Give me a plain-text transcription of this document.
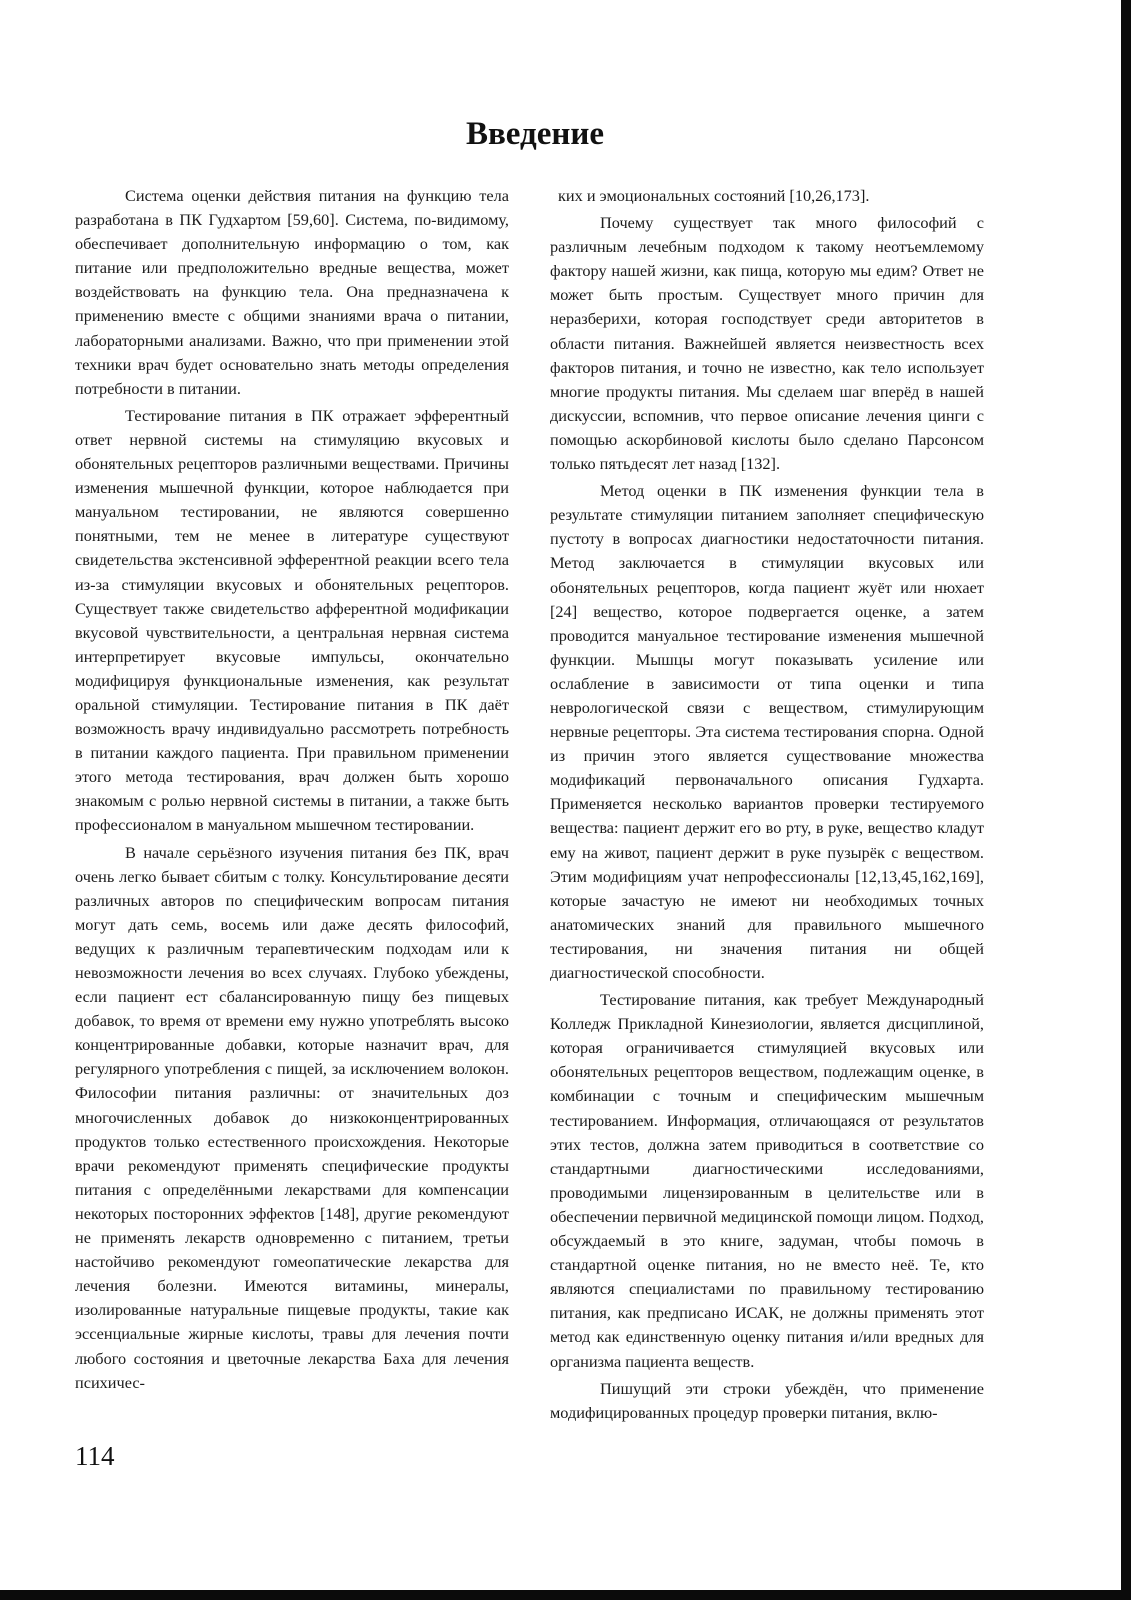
Введение

Система оценки действия питания на функцию тела разработана в ПК Гудхартом [59,60]. Система, по-видимому, обеспечивает дополнительную информацию о том, как питание или предположительно вредные вещества, может воздействовать на функцию тела. Она предназначена к применению вместе с общими знаниями врача о питании, лабораторными анализами. Важно, что при применении этой техники врач будет основательно знать методы определения потребности в питании.

Тестирование питания в ПК отражает эфферентный ответ нервной системы на стимуляцию вкусовых и обонятельных рецепторов различными веществами. Причины изменения мышечной функции, которое наблюдается при мануальном тестировании, не являются совершенно понятными, тем не менее в литературе существуют свидетельства экстенсивной эфферентной реакции всего тела из-за стимуляции вкусовых и обонятельных рецепторов. Существует также свидетельство афферентной модификации вкусовой чувствительности, а центральная нервная система интерпретирует вкусовые импульсы, окончательно модифицируя функциональные изменения, как результат оральной стимуляции. Тестирование питания в ПК даёт возможность врачу индивидуально рассмотреть потребность в питании каждого пациента. При правильном применении этого метода тестирования, врач должен быть хорошо знакомым с ролью нервной системы в питании, а также быть профессионалом в мануальном мышечном тестировании.

В начале серьёзного изучения питания без ПК, врач очень легко бывает сбитым с толку. Консультирование десяти различных авторов по специфическим вопросам питания могут дать семь, восемь или даже десять философий, ведущих к различным терапевтическим подходам или к невозможности лечения во всех случаях. Глубоко убеждены, если пациент ест сбалансированную пищу без пищевых добавок, то время от времени ему нужно употреблять высоко концентрированные добавки, которые назначит врач, для регулярного употребления с пищей, за исключением волокон. Философии питания различны: от значительных доз многочисленных добавок до низкоконцентрированных продуктов только естественного происхождения. Некоторые врачи рекомендуют применять специфические продукты питания с определёнными лекарствами для компенсации некоторых посторонних эффектов [148], другие рекомендуют не применять лекарств одновременно с питанием, третьи настойчиво рекомендуют гомеопатические лекарства для лечения болезни. Имеются витамины, минералы, изолированные натуральные пищевые продукты, такие как эссенциальные жирные кислоты, травы для лечения почти любого состояния и цветочные лекарства Баха для лечения психичес-

ких и эмоциональных состояний [10,26,173].

Почему существует так много философий с различным лечебным подходом к такому неотъемлемому фактору нашей жизни, как пища, которую мы едим? Ответ не может быть простым. Существует много причин для неразберихи, которая господствует среди авторитетов в области питания. Важнейшей является неизвестность всех факторов питания, и точно не известно, как тело использует многие продукты питания. Мы сделаем шаг вперёд в нашей дискуссии, вспомнив, что первое описание лечения цинги с помощью аскорбиновой кислоты было сделано Парсонсом только пятьдесят лет назад [132].

Метод оценки в ПК изменения функции тела в результате стимуляции питанием заполняет специфическую пустоту в вопросах диагностики недостаточности питания. Метод заключается в стимуляции вкусовых или обонятельных рецепторов, когда пациент жуёт или нюхает [24] вещество, которое подвергается оценке, а затем проводится мануальное тестирование изменения мышечной функции. Мышцы могут показывать усиление или ослабление в зависимости от типа оценки и типа неврологической связи с веществом, стимулирующим нервные рецепторы. Эта система тестирования спорна. Одной из причин этого является существование множества модификаций первоначального описания Гудхарта. Применяется несколько вариантов проверки тестируемого вещества: пациент держит его во рту, в руке, вещество кладут ему на живот, пациент держит в руке пузырёк с веществом. Этим модифициям учат непрофессионалы [12,13,45,162,169], которые зачастую не имеют ни необходимых точных анатомических знаний для правильного мышечного тестирования, ни значения питания ни общей диагностической способности.

Тестирование питания, как требует Международный Колледж Прикладной Кинезиологии, является дисциплиной, которая ограничивается стимуляцией вкусовых или обонятельных рецепторов веществом, подлежащим оценке, в комбинации с точным и специфическим мышечным тестированием. Информация, отличающаяся от результатов этих тестов, должна затем приводиться в соответствие со стандартными диагностическими исследованиями, проводимыми лицензированным в целительстве или в обеспечении первичной медицинской помощи лицом. Подход, обсуждаемый в это книге, задуман, чтобы помочь в стандартной оценке питания, но не вместо неё. Те, кто являются специалистами по правильному тестированию питания, как предписано ИСАК, не должны применять этот метод как единственную оценку питания и/или вредных для организма пациента веществ.

Пишущий эти строки убеждён, что применение модифицированных процедур проверки питания, вклю-

114
